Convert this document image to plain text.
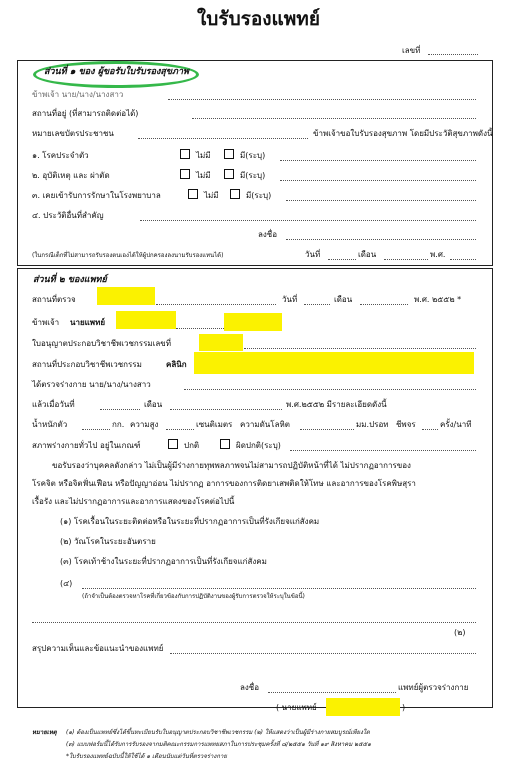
ใบรับรองแพทย์
เลขที่
ส่วนที่ ๑ ของ ผู้ขอรับใบรับรองสุขภาพ
ข้าพเจ้า นาย/นาง/นางสาว
สถานที่อยู่ (ที่สามารถติดต่อได้)
หมายเลขบัตรประชาชน	ข้าพเจ้าขอใบรับรองสุขภาพ โดยมีประวัติสุขภาพดังนี้
๑. โรคประจำตัว	ไม่มี	มี(ระบุ)
๒. อุบัติเหตุ และ ผ่าตัด	ไม่มี	มี(ระบุ)
๓. เคยเข้ารับการรักษาในโรงพยาบาล	ไม่มี	มี(ระบุ)
๔. ประวัติอื่นที่สำคัญ
ลงชื่อ
(ในกรณีเด็กที่ไม่สามารถรับรองตนเองได้ให้ผู้ปกครองลงนามรับรองแทนได้)	วันที่	เดือน	พ.ศ.
ส่วนที่ ๒ ของแพทย์
สถานที่ตรวจ	วันที่	เดือน	พ.ศ. ๒๕๕๒ *
ข้าพเจ้า นายแพทย์
ใบอนุญาตประกอบวิชาชีพเวชกรรมเลขที่
สถานที่ประกอบวิชาชีพเวชกรรม	คลินิก
ได้ตรวจร่างกาย นาย/นาง/นางสาว
แล้วเมื่อวันที่	เดือน	พ.ศ.๒๕๕๒ มีรายละเอียดดังนี้
น้ำหนักตัว	กก. ความสูง	เซนติเมตร ความดันโลหิต	มม.ปรอท ชีพจร	ครั้ง/นาที
สภาพร่างกายทั่วไป อยู่ในเกณฑ์	ปกติ	ผิดปกติ(ระบุ)
ขอรับรองว่าบุคคลดังกล่าว ไม่เป็นผู้มีร่างกายทุพพลภาพจนไม่สามารถปฏิบัติหน้าที่ได้ ไม่ปรากฏอาการของ
โรคจิต หรือจิตฟั่นเฟือน หรือปัญญาอ่อน ไม่ปรากฏ อาการของการติดยาเสพติดให้โทษ และอาการของโรคพิษสุรา
เรื้อรัง และไม่ปรากฏอาการและอาการแสดงของโรคต่อไปนี้
(๑) โรคเรื้อนในระยะติดต่อหรือในระยะที่ปรากฏอาการเป็นที่รังเกียจแก่สังคม
(๒) วัณโรคในระยะอันตราย
(๓) โรคเท้าช้างในระยะที่ปรากฏอาการเป็นที่รังเกียจแก่สังคม
(๔)
(ถ้าจำเป็นต้องตรวจหาโรคที่เกี่ยวข้องกับการปฏิบัติงานของผู้รับการตรวจให้ระบุในข้อนี้)
(๒)
สรุปความเห็นและข้อแนะนำของแพทย์
ลงชื่อ	แพทย์ผู้ตรวจร่างกาย
( นายแพทย์	)
หมายเหตุ (๑) ต้องเป็นแพทย์ซึ่งได้ขึ้นทะเบียนรับใบอนุญาตประกอบวิชาชีพเวชกรรม (๒) ให้แสดงว่าเป็นผู้มีร่างกายสมบูรณ์เพียงใด
(๓) แบบฟอร์มนี้ได้รับการรับรองจากมติคณะกรรมการแพทยสภาในการประชุมครั้งที่ ๘/๒๕๕๑ วันที่ ๑๙ สิงหาคม ๒๕๕๑
*ใบรับรองแพทย์ฉบับนี้ให้ใช้ได้ ๑ เดือนนับแต่วันที่ตรวจร่างกาย
